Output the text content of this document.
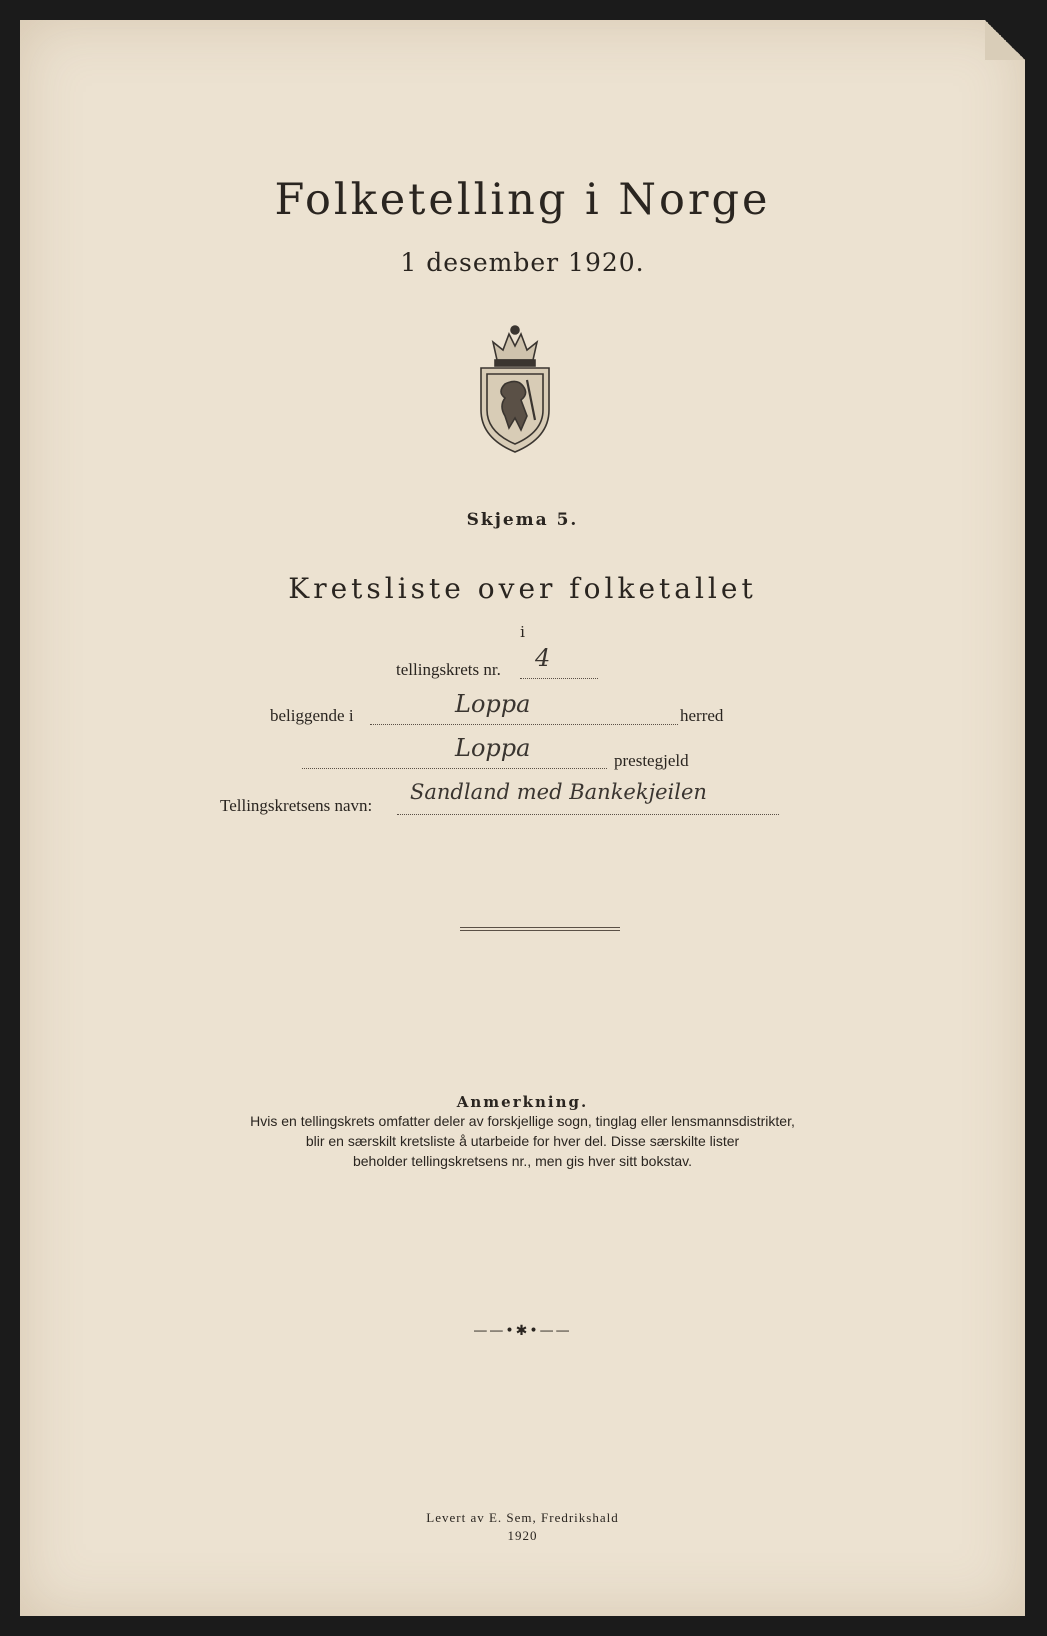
Folketelling i Norge
1 desember 1920.
Skjema 5.
Kretsliste over folketallet
i
tellingskrets nr. 4
beliggende i	Loppa	herred
Loppa	prestegjeld
Tellingskretsens navn:
Sandland med Bankekjeilen
Anmerkning.
Hvis en tellingskrets omfatter deler av forskjellige sogn, tinglag eller lensmannsdistrikter,
blir en særskilt kretsliste å utarbeide for hver del. Disse særskilte lister
beholder tellingskretsens nr., men gis hver sitt bokstav.
——•✱•——
Levert av E. Sem, Fredrikshald
1920
